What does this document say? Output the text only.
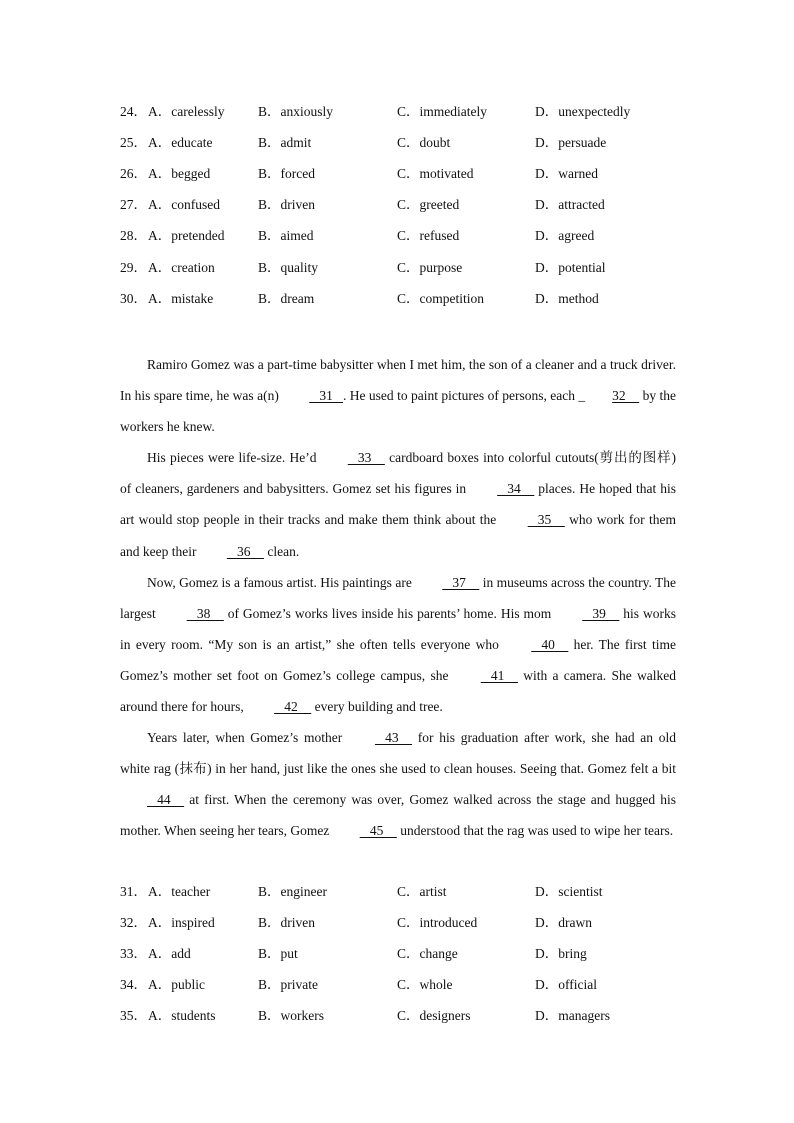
24． A．carelessly B．anxiously	C．immediately	D．unexpectedly
25． A．educate	B．admit	C．doubt	D．persuade
26． A．begged	B．forced	C．motivated	D．warned
27． A．confused	B．driven	C．greeted	D．attracted
28． A．pretended B．aimed	C．refused	D．agreed
29． A．creation	B．quality	C．purpose	D．potential
30． A．mistake	B．dream	C．competition	D．method

Ramiro Gomez was a part-time babysitter when I met him, the son of a cleaner and a truck driver. In his spare time, he was a(n)    31   . He used to paint pictures of persons, each _ 32     by the workers he knew.

His pieces were life-size. He’d    33     cardboard boxes into colorful cutouts(剪出的图样) of cleaners, gardeners and babysitters. Gomez set his figures in    34     places. He hoped that his art would stop people in their tracks and make them think about the    35     who work for them and keep their    36     clean.

Now, Gomez is a famous artist. His paintings are    37     in museums across the country. The largest    38     of Gomez’s works lives inside his parents’ home. His mom    39     his works in every room. “My son is an artist,” she often tells everyone who    40     her. The first time Gomez’s mother set foot on Gomez’s college campus, she    41     with a camera. She walked around there for hours,    42     every building and tree.

Years later, when Gomez’s mother    43     for his graduation after work, she had an old white rag (抹布) in her hand, just like the ones she used to clean houses. Seeing that. Gomez felt a bit    44     at first. When the ceremony was over, Gomez walked across the stage and hugged his mother. When seeing her tears, Gomez    45     understood that the rag was used to wipe her tears.

31． A．teacher	B．engineer	C．artist	D．scientist
32． A．inspired	B．driven	C．introduced	D．drawn
33． A．add	B．put	C．change	D．bring
34． A．public	B．private	C．whole	D．official
35． A．students	B．workers	C．designers	D．managers
